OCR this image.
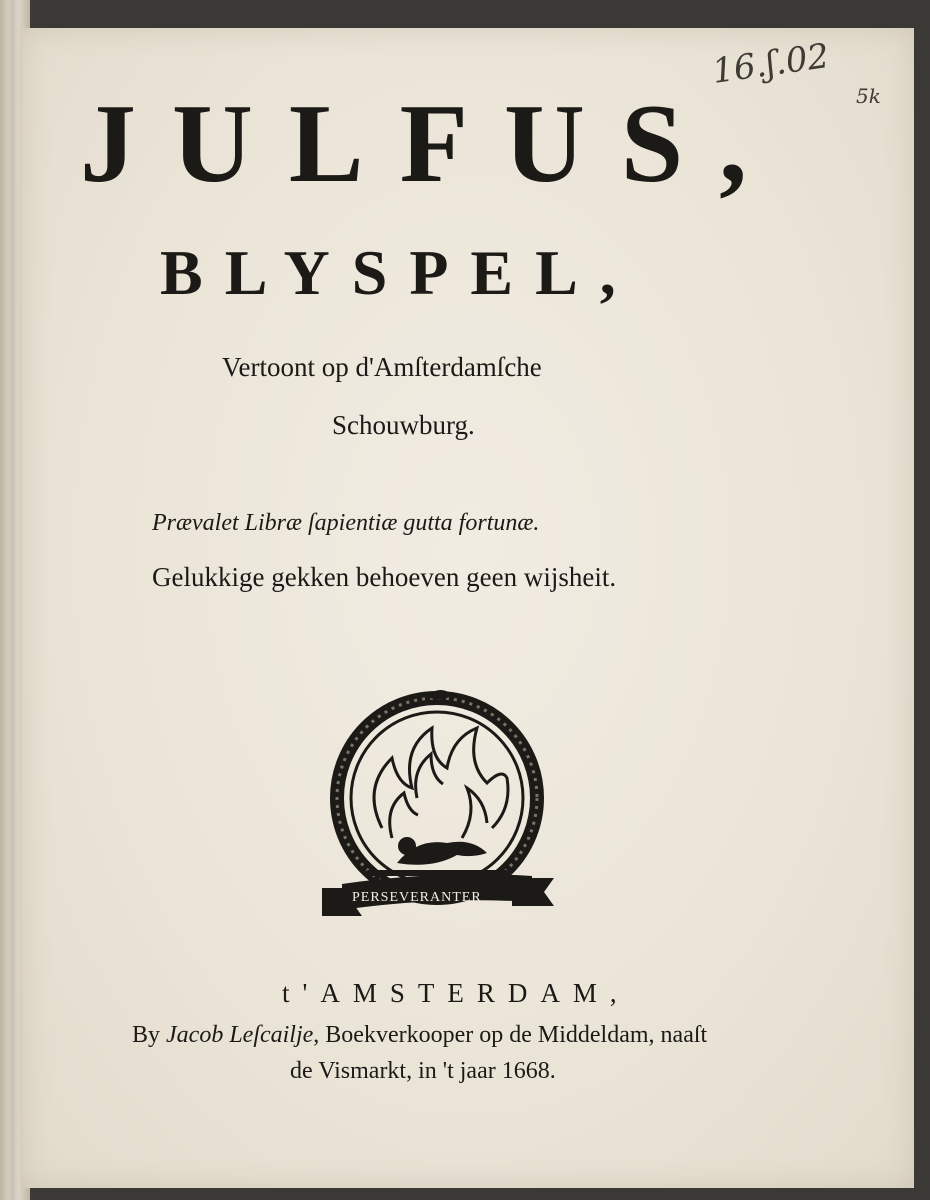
16.ʃ.02
5k
JULFUS,
BLYSPEL,

Vertoont op d'Amſterdamſche

Schouwburg.

Prævalet Libræ ſapientiæ gutta fortunæ.

Gelukkige gekken behoeven geen wijsheit.

PERSEVERANTER

t'AMSTERDAM,

By Jacob Leſcailje, Boekverkooper op de Middeldam, naaſt

de Vismarkt, in 't jaar 1668.
